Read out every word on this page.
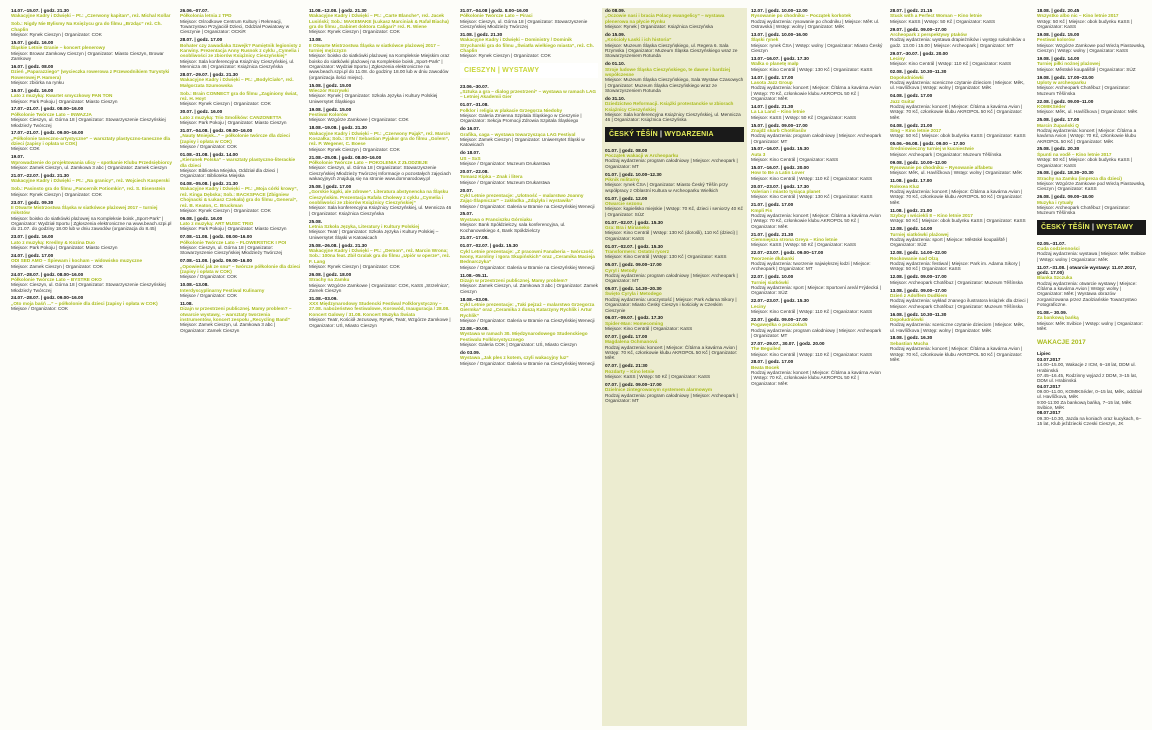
14.07.–15.07. | godz. 21.30
Wakacyjne Kadry i Dźwięki – Pt.: „Czerwony kapitan”, reż. Michal Kollar
Sob.: Nigdy Nie Bylismy Na Księżycu gra do filmu „Brzdąc” reż. Ch. Chaplin
Miejsce: Rynek Cieszyn | Organizator: COK
15.07. | godz. 16.00
Śląskie Letnie Granie – koncert plenerowy
Miejsce: Browar Zamkowy Cieszyn | Organizator: Miasto Cieszyn, Browar Zamkowy
16.07. | godz. 08.00
Dzień „Paparazziego” (wycieczka rowerowa z Przewodnikiem Turystyki Rowerowej P. Hamera)
Miejsce: zbiórka na rynku
16.07. | godz. 16.00
Lato z muzyką: Kwartet smyczkowy PAN TON
Miejsce: Park Pokoju | Organizator: Miasto Cieszyn
17.07.–21.07. | godz. 08.00–16.00
Półkolonie Twórcze Lato – INWAZJA
Miejsce: Cieszyn, ul. Górna 18 | Organizator: Stowarzyszenie Cieszyńskiej Młodzieży Twórczej
17.07.–21.07. | godz. 09.00–16.00
„Półkolonie taneczno-artystyczne” – warsztaty plastyczno-taneczne dla dzieci (zapisy i opłata w COK)
Miejsce: COK
19.07.
Wprowadzenie do projektowania ulicy – spotkanie Klubu Przedsiębiorcy
Miejsce: Zamek Cieszyn, ul. Zamkowa 3 abc | Organizator: Zamek Cieszyn
21.07.–22.07. | godz. 21.30
Wakacyjne Kadry i Dźwięki – Pt.: „Na granicy”, reż. Wojciech Kasperski
Sob.: Pasinsto gra do filmu „Pancernik Potiomkin”, reż. S. Eisenstein
Miejsce: Rynek Cieszyn | Organizator: COK
23.07. | godz. 09.30
II Otwarte Mistrzostwa Śląska w siatkówce plażowej 2017 – turniej mikstów
Miejsce: boisko do siatkówki plażowej na Kompleksie boisk „Sport-Park” | Organizator: Wydział Sportu | Zgłoszenia elektroniczne na www.beach.szpi.pl do 21.07. do godziny 18.00 lub w dniu zawodów (organizacja do 8.45)
23.07. | godz. 16.00
Lato z muzyką: Kreślny & Kozina Duo
Miejsce: Park Pokoju | Organizator: Miasto Cieszyn
24.07. | godz. 17.00
ODI SED AMO – Śpiewam i kocham – widowisko muzyczne
Miejsce: Zamek Cieszyn | Organizator: COK
24.07.–28.07. | godz. 08.00–16.00
Półkolonie Twórcze Lato – BYSTRE OKO
Miejsce: Cieszyn, ul. Górna 18 | Organizator: Stowarzyszenie Cieszyńskiej Młodzieży Twórczej
24.07.–28.07. | godz. 09.00–16.00
„Oto moja baśń ...” – półkolonie dla dzieci (zapisy i opłata w COK)
Miejsce / Organizator: COK
26.06.–07.07.
Półkolonia letnia z TPD
Miejsce: Ośrodkowe Centrum Kultury i Rekreacji, Towarzystwo Przyjaciół Dzieci, Oddział Powiatowy w Cieszynie | Organizator: OCKiR
28.07. | godz. 17.00
Bohater czy zawadiaka Szwejk? Pamiętnik legionisty z Karwiny. Prezentacja Anny Rusnok z cyklu „Cymelia i osobliwości ze zbiorów Książnicy Cieszyńskiej”
Miejsce: Sala konferencyjna Książnicy Cieszyńskiej, ul. Mennicza 46 | Organizator: Książnica Cieszyńska
28.07.–29.07. | godz. 21.30
Wakacyjne Kadry i Dźwięki – Pt.: „Body/Ciało”, reż. Małgorzata Szumowska
Sob.: Brain CONNECT gra do filmu „Zaginiony świat, reż. H. Hoyt
Miejsce: Rynek Cieszyn | Organizator: COK
30.07. | godz. 16.00
Lato z muzyką: Trio Smolików: CANZONETTA
Miejsce: Park Pokoju | Organizator: Miasto Cieszyn
31.07.–04.08. | godz. 09.00–16.00
„Nauty Mniejsk...” – półkolonie twórcze dla dzieci (zapisy i opłata w COK)
Miejsce / Organizator: COK
01.08.–31.08. | godz. 14.00
„Kierunek Polska” – warsztaty plastyczno-literackie dla dzieci
Miejsce: Biblioteka Miejska, Oddział dla dzieci | Organizator: Biblioteka Miejska
04.08.–05.08. | godz. 21.30
Wakacyjne Kadry i Dźwięki – Pt.: „Moja córki krowy”, reż. Kinga Dębska; Sob.: BACKSPACE (Zbigniew Chojnacki & Łukasz Czekała) gra do filmu „General”, reż. B. Keaton, C. Bruckman
Miejsce: Rynek Cieszyn | Organizator: COK
06.08. | godz. 16.00
Lato z muzyką: ART MUSIC TRIO
Miejsce: Park Pokoju | Organizator: Miasto Cieszyn
07.08.–11.08. | godz. 08.00–16.00
Półkolonie Twórcze Lato – FLOWERSTICK I POI
Miejsce: Cieszyn, ul. Górna 18 | Organizator: Stowarzyszenie Cieszyńskiej Młodzieży Twórczej
07.08.–11.08. | godz. 09.00–16.00
„Opowieść jak ze snu” – twórcze półkolonie dla dzieci (zapisy i opłata w COK)
Miejsce / Organizator: COK
10.08.–13.08.
Interdyscyplinarny Festiwal Kulinarny
Miejsce / Organizator: COK
11.08.
Dizajn w przestrzeni publicznej. Mamy problem? – otwarcie wystawy, – warsztaty tworzenia instrumentów, koncert zespołu „Recycling Band”
Miejsce: Zamek Cieszyn, ul. Zamkowa 3 abc | Organizator: Zamek Cieszyn
11.08.–12.08. | godz. 21.30
Wakacyjne Kadry i Dźwięki – Pt.: „Carte Blanche”, reż. Jacek Lusiński; Sob.: MAKEMAKE (Łukasz Marciniak & Rafał Biacha) gra do filmu „Gabinet doktora Caligari” reż. R. Wiene
Miejsce: Rynek Cieszyn | Organizator: COK
13.08.
II Otwarte Mistrzostwa Śląska w siatkówce plażowej 2017 – turniej mężczyzn
Miejsce: boisko do siatkówki plażowej na Kompleksie Miejskim oraz boisko do siatkówki plażowej na Kompleksie boisk „Sport-Park” | Organizator: Wydział Sportu | Zgłoszenia elektroniczne na www.beach.szpi.pl do 11.08. do godziny 18.00 lub w dniu zawodów (organizacja ilości miejsc).
15.08. | godz. 15.00
Wieczór Rozrywki
Miejsce: Rynek | Organizator: Szkoła Języka i Kultury Polskiej Uniwersytet Śląskiego
19.08. | godz. 15.00
Festiwal Kolorów
Miejsce: Wzgórze Zamkowe | Organizator: COK
18.08.–19.08. | godz. 21.30
Wakacyjne Kadry i Dźwięki – Pt.: „Czerwony Pająk”, reż. Marcin Koszałka; Sob.: SYN / Sebastian Pyjakor gra do filmu „Golem”, reż. P. Wegener, C. Boese
Miejsce: Rynek Cieszyn | Organizator: COK
21.08.–25.08. | godz. 08.00–16.00
Półkolonie Twórcze Lato – POKOLENIA Z ZŁODZIEJE
Miejsce: Cieszyn, ul. Górna 18 | Organizator: Stowarzyszenie Cieszyńskiej Młodzieży Twórczej Informacje o pozostałych zajęciach wakacyjnych znajdują się na stronie www.domnarodowy.pl
25.08. | godz. 17.00
„Gorskie kąpki, ale zdrowe”. Literatura abstynencka na Śląsku Cieszyńskim. Prezentacja Rafała Cholewy z cyklu „Cymelia i osobliwości ze zbiorów Książnicy Cieszyńskiej”
Miejsce: Sala konferencyjna Książnicy Cieszyńskiej, ul. Mennicza 46 | Organizator: Książnica Cieszyńska
25.08.
Letnia Szkoła Języka, Literatury i Kultury Polskiej
Miejsce: Teatr | Organizator: Szkoła Języka i Kultury Polskiej – Uniwersytet Śląski w Katowicach
25.08.–26.08. | godz. 21.30
Wakacyjne Kadry i Dźwięki – Pt.: „Demon”, reż. Marcin Wrona; Sob.: 100na feat. Zbił Gralak gra do filmu „Upiór w operze”, reż. F. Lang
Miejsce: Rynek Cieszyn | Organizator: COK
26.08. | godz. 18.00
Strachy na Zamku
Miejsce: Wzgórze Zamkowe | Organizator: COK, KaSS „Strzelnica”, Zamek Cieszyn
31.08.–03.09.
XXX Międzynarodowy Studencki Festiwal Folklorystyczny – 27.08. nabożeństwo festiwalowe, Korowód, Inauguracja / 28.08. Koncert Galowy / 31.08. Koncert Muzyka Świata
Miejsce: Teatr, Kościół Jezusowy, Rynek, Teatr, Wzgórze Zamkowe | Organizator: UŚ, Miasto Cieszyn
31.07.–04.08 | godz. 8.00–16.00
Półkolonie Twórcze Lato – Piraci
Miejsce: Cieszyn, ul. Górna 18 | Organizator: Stowarzyszenie Cieszyńskiej Młodzieży Twórczej
31.08. | godz. 21.30
Wakacyjne Kadry i Dźwięki – Doministry / Dominik Strycharski gra do filmu „Światła wielkiego miasta”, reż. Ch. Chaplin
Miejsce: Rynek Cieszyn | Organizator: COK
CIESZYN | WYSTAWY
23.06.–30.07.
„Sztuka a gra – dialog przestrzeni” – wystawa w ramach LAG – Letniej Akademii Gier
01.07.–31.08.
Folklor i religia w plakacie Grzegorza Niedoby
Miejsce: Galeria Zmienna Szpitala Śląskiego w Cieszynie | Organizator: Sekcja Promocji Zdrowia Szpitala Śląskiego
do 16.07.
Grafika, caga – wystawa towarzysząca LAG Festival
Miejsce: Zamek Cieszyn | Organizator: Uniwersytet Śląski w Katowicach
do 18.07.
US – SxS
Miejsce / Organizator: Muzeum Drukarstwa
20.07.–22.08.
Tomasz Kipka – Znak i litera
Miejsce / Organizator: Muzeum Drukarstwa
20.07.
Cykl Letnie prezentacje: „Ulotność – malarstwo Joanny Zając-Ślapniczar” – zakładka „Zdążyła i wystawiła”
Miejsce / Organizator: Galeria w Bramie na Cieszyńskiej Wenecji
25.07.
Wystawa o Franciszku Górniaku
Miejsce: Bank Spółdzielczy, sala konferencyjna, ul. Kochanowskiego 4, Bank Spółdzielczy
21.07.–17.08.
01.07.–02.07. | godz. 15.30
Cykl Letnie prezentacje: „Z pracowni Fanaberia – twórczość Iwony, Karoliny i Igora Skupińskich” oraz „Ceramika Macieja Bednarczyka”
Miejsce / Organizator: Galeria w Bramie na Cieszyńskiej Wenecji
11.08.–05.11.
Dizajn w przestrzeni publicznej. Mamy problem?
Miejsce: Zamek Cieszyn, ul. Zamkowa 3 abc | Organizator: Zamek Cieszyn
18.08.–03.09.
Cykl Letnie prezentacje: „Taki pejzaż – malarstwo Grzegorza Giermka” oraz „Ceramika z duszą Katarzyny Rychlik i Artur Rychlik”
Miejsce / Organizator: Galeria w Bramie na Cieszyńskiej Wenecji
22.08.–30.08.
Wystawa w ramach 30. Międzynarodowego Studenckiego Festiwalu Folklorystycznego
Miejsce: Galeria COK | Organizator: UŚ, Miasto Cieszyn
do 03.09.
Wystawa „Jak ples z kotem, czyli wakacyjny luz”
Miejsce / Organizator: Galeria w Bramie na Cieszyńskiej Wenecji
do 08.09.
„Oczowie nasi i bracia Polacy ewangelicy” – wystawa plenerowa na płycie Rynku
Miejsce: Rynek | Organizator: Książnica Cieszyńska
do 15.09.
„Kościoły Łaski i ich historia”
Miejsce: Muzeum Śląska Cieszyńskiego, ul. Regera 6. Sala Rzymska | Organizator: Muzeum Śląska Cieszyńskiego wraz ze Stowarzyszeniem Rotunda
do 01.10.
Stroje ludowe Śląska Cieszyńskiego, te dawne i bardziej współczesne
Miejsce: Muzeum Śląska Cieszyńskiego, Sala Wystaw Czasowych | Organizator: Muzeum Śląska Cieszyńskiego wraz ze Stowarzyszeniem Rotunda
do 31.10.
Dziedzictwo Reformacji. Książki protestanckie w zbiorach Książnicy Cieszyńskiej
Miejsce: Sala konferencyjna Książnicy Cieszyńskiej, ul. Mennicza 46 | Organizator: Książnica Cieszyńska
ČESKÝ TĚŠÍN | WYDARZENIA
01.07. | godz. 08.00
Początek wakacji w Archeoparku
Rodzaj wydarzenia: program całodniowy | Miejsce: Archeopark | Organizator: MT
01.07. | godz. 10.00–12.30
Piknik militarny
Miejsce: rynek ČSA | Organizator: Miasto Český Těšín przy współpracy z Oblastní Kultura w Archeoparku Wielkich
01.07. | godz. 12.00
Otwarcie sezonu
Miejsce: kąpielisko miejskie | Wstęp: 70 Kč, dzieci i seniorzy 40 Kč | Organizator: SÚZ
01.07.–02.07. | godz. 15.30
Gra: Bra i Mirianeko
Miejsce: Kino Centrál | Wstęp: 130 Kč (dorośli), 110 Kč (dzieci) | Organizator: KaSS
01.07.–02.07. | godz. 15.30
Transformers: Ostatni rycerz
Miejsce: Kino Centrál | Wstęp: 130 Kč | Organizator: KaSS
05.07. | godz. 09.00–17.00
Cyryl i Metody
Rodzaj wydarzenia: program całodniowy | Miejsce: Archeopark | Organizator: MT
05.07. | godz. 14.30–20.30
Święto Cyryla i Metodego
Rodzaj wydarzenia: uroczystość | Miejsce: Park Adama Sikory | Organizator: Miasto Český Cieszyn i kościoły w Czeskim Cieszynie
06.07.–09.07. | godz. 17.30
Spider-Man: Homecoming
Miejsce: Kino Centrál | Organizator: KaSS
07.07. | godz. 17.00
Magdalena Ochmanová
Rodzaj wydarzenia: koncert | Miejsce: Čítárna a kavárna Avion | Wstęp: 70 Kč, członkowie klubu AKROPOL 50 Kč | Organizator: MěK
07.07. | godz. 21:30
Rozdarty – Kino letnie
Miejsce: KaSS | Wstęp: 50 Kč | Organizator: KaSS
07.07. | godz. 09.00–17.00
Dzielnice zintegrowanym systemem alarmowym
Rodzaj wydarzenia: program całodniowy | Miejsce: Archeopark | Organizator: MT
12.07. | godz. 10.00–12.00
Rysowanie po chodniku – Początek korkotek
Rodzaj wydarzenia: rysowanie po chodniku | Miejsce: MěK ul. Ostravská | Wstęp: wolny | Organizator: MěK
13.07. | godz. 10.00–16.00
Śląski rynek
Miejsce: rynek ČSA | Wstęp: wolny | Organizator: Miasto Český Cieszyn
13.07.–16.07. | godz. 17.30
Walka o planetę małp
Miejsce: Kino Centrál | Wstęp: 130 Kč | Organizator: KaSS
14.07. | godz. 17.00
Lasota Jazz Group
Rodzaj wydarzenia: koncert | Miejsce: Čítárna a kavárna Avion | Wstęp: 70 Kč, członkowie klubu AKROPOL 50 Kč | Organizator: MěK
14.07. | godz. 21.30
La La Land – Kino letnie
Miejsce: KaSS | Wstęp: 50 Kč | Organizator: KaSS
15.07. | godz. 09.00–17.00
Znajdź skarb Chotělasův
Rodzaj wydarzenia: program całodniowy | Miejsce: Archeopark | Organizator: MT
15.07.–16.07. | godz. 15.30
Auta 3
Miejsce: Kino Centrál | Organizator: KaSS
15.07.–16.07. | godz. 20.00
How to Be a Latin Lover
Miejsce: Kino Centrál | Wstęp: 110 Kč | Organizator: KaSS
20.07.–23.07. | godz. 17.30
Valerian i miasto tysiąca planet
Miejsce: Kino Centrál | Wstęp: 130 Kč | Organizator: KaSS
21.07. | godz. 17.00
Kmpli Fis
Rodzaj wydarzenia: koncert | Miejsce: Čítárna a kavárna Avion | Wstęp: 70 Kč, członkowie klubu AKROPOL 50 Kč | Organizator: MěK
21.07. | godz. 21.30
Ciemniejsza strona Greya – Kino letnie
Miejsce: KaSS | Wstęp: 50 Kč | Organizator: KaSS
22.07.–23.07. | godz. 09.00–17.00
Tworzenie dłubanki
Rodzaj wydarzenia: tworzenie największej łodzi | Miejsce: Archeopark | Organizator: MT
22.07. | godz. 10.00
Turniej siatkówki
Rodzaj wydarzenia: sport | Miejsce: Sportovní areál Frýdecká | Organizator: SÚZ
22.07.–23.07. | godz. 15.30
Leciny
Miejsce: Kino Centrál | Wstęp: 110 Kč | Organizator: KaSS
22.07. | godz. 09.00–17.00
Pogawędka o pszczołach
Rodzaj wydarzenia: program całodniowy | Miejsce: Archeopark | Organizator: MT
27.07.–29.07., 30.07. | godz. 20.00
The Beguiled
Miejsce: Kino Centrál | Wstęp: 110 Kč | Organizator: KaSS
28.07. | godz. 17.00
Beata Bocek
Rodzaj wydarzenia: koncert | Miejsce: Čítárna a kavárna Avion | Wstęp: 70 Kč, członkowie klubu AKROPOL 50 Kč | Organizator: MěK
28.07. | godz. 21.15
Stuck with a Perfect Woman – Kino letnie
Miejsce: KaSS | Wstęp: 50 Kč | Organizator: KaSS
29.07. | godz. 09.00–17.00
Archeopark z perspektywy ptaków
Rodzaj wydarzenia: wystawa drapieżników i występ sokolników o godz. 13.00 i 15.00 | Miejsce: Archeopark | Organizator: MT
29.07.–30.07. | godz. 20.00
Leciny
Miejsce: Kino Centrál | Wstęp: 110 Kč | Organizator: KaSS
02.08. | godz. 10.30–11.30
Dopołudniówki
Rodzaj wydarzenia: sceniczne czytanie dzieciom | Miejsce: MěK, ul. Havlíčkova | Wstęp: wolny | Organizator: MěK
04.08. | godz. 17.00
Jazz Guitar
Rodzaj wydarzenia: koncert | Miejsce: Čítárna a kavárna Avion | Wstęp: 70 Kč, członkowie klubu AKROPOL 50 Kč | Organizator: MěK
04.08. | godz. 21.00
Sing – Kino letnie 2017
Wstęp: 50 Kč | Miejsce: obok budynku KaSS | Organizator: KaSS
05.06.–06.08. | godz. 09.00 – 17.00
Średniowieczny turniej w kucniestwie
Miejsce: Archeopark | Organizator: Muzeum Těšínska
09.08. | godz. 10.00–12.00
Rysowanie po chodniku – Rysowanie alfabetu
Miejsce: MěK, ul. Havlíčkova | Wstęp: wolny | Organizator: MěK
11.08. | godz. 17.00
Rolexea Kluz
Rodzaj wydarzenia: koncert | Miejsce: Čítárna a kavárna Avion | Wstęp: 70 Kč, członkowie klubu AKROPOL 50 Kč | Organizator: MěK
11.08. | godz. 21.00
Szybcy i wściekli 8 – Kino letnie 2017
Wstęp: 50 Kč | Miejsce: obok budynku KaSS | Organizator: KaSS
12.08. | godz. 14.00
Turniej siatkówki plażowej
Rodzaj wydarzenia: sport | Miejsce: Městské koupaliště | Organizator: SÚZ
12.08. | godz. 14.00–22.00
Rockowanie nad Olzą
Rodzaj wydarzenia: festiwal | Miejsce: Park im. Adama Sikory | Wstęp: 50 Kč | Organizator: KaSS
12.08. | godz. 09.00–17.00
Miejsce: Archeopark Chotěbuz | Organizator: Muzeum Těšínska
13.08. | godz. 09.00–17.00
Dzień z Adolfem Dudkiem
Rodzaj wydarzenia: wykład znanego ilustratora książek dla dzieci | Miejsce: Archeopark Chotěbuz | Organizator: Muzeum Těšínska
16.08. | godz. 10.30–11.30
Dopołudniówki
Rodzaj wydarzenia: sceniczne czytanie dzieciom | Miejsce: MěK, ul. Havlíčkova | Wstęp: wolny | Organizator: MěK
18.08. | godz. 16.30
Sebastian Mucha
Rodzaj wydarzenia: koncert | Miejsce: Čítárna a kavárna Avion | Wstęp: 70 Kč, członkowie klubu AKROPOL 50 Kč | Organizator: MěK
18.08. | godz. 20.45
Wszystko albo nic – Kino letnie 2017
Wstęp: 50 Kč | Miejsce: obok budynku KaSS | Organizator: KaSS
19.08. | godz. 15.00
Festiwal kolorów
Miejsce: Wzgórze Zamkowe pod Wieżą Piastowską, Cieszyn | Wstęp: wolny | Organizator: KaSS
19.08. | godz. 14.00
Turniej piłki nożnej plażowej
Miejsce: Městské koupaliště | Organizator: SÚZ
19.08. | godz. 17.00–23.00
Uploty w archeoparku
Miejsce: Archeopark Chotěbuz | Organizator: Muzeum Těšínska
22.08. | godz. 09.00–11.00
KOMIKSéder
Miejsce: MěK, ul. Havlíčkova | Organizator: MěK
25.08. | godz. 17.00
Marcin Żupański Q
Rodzaj wydarzenia: koncert | Miejsce: Čítárna a kavárna Avion | Wstęp: 70 Kč, członkowie klubu AKROPOL 50 Kč | Organizator: MěK
25.08. | godz. 20.30
Śpunti na vodě – Kino letnie 2017
Wstęp: 50 Kč | Miejsce: obok budynku KaSS | Organizator: KaSS
26.08. | godz. 18.30–20.30
Strachy na Zamku (impreza dla dzieci)
Miejsce: Wzgórze Zamkowe pod Wieżą Piastowską, Cieszyn | Organizator: KaSS
26.08. | godz. 09.00–18.00
Muzyka i rytuały
Miejsce: Archeopark Chotěbuz | Organizator: Muzeum Těšínska
ČESKÝ TĚŠÍN | WYSTAWY
02.05.–31.07.
Cuda codzienności
Rodzaj wydarzenia: wystawa | Miejsce: MěK Svibice | Wstęp: wolny | Organizator: MěK
11.07.–31.08. | otwarcie wystawy: 11.07.2017, godz. 17.00)
Blanka Szczuka
Rodzaj wydarzenia: otwarcie wystawy | Miejsce: Čítárna a kavárna Avion | Wstęp: wolny | Organizator: MěK | Wystawa obrazów zorganizowana przez Zaolziańskie Towarzystwo Fotograficzne.
01.08.– 30.09.
Za bankową bańką
Miejsce: MěK Svibice | Wstęp: wolny | Organizator: MěK
WAKACJE 2017
Lipiec
03.07.2017
14.00–15.00, Wakacje z ICM, 6–18 lat, DDM ul. Hrabinská
07.45–16.45, Rodzinny wyjazd z DDM, 3–15 lat, DDM ul. Hrabinská
04.07.2017
09.00–11.00, KOMIKSéder, 0–15 lat, MěK, oddział ul. Havlíčkova, MěK
9:00-11:00 Za bankową bańką, 7–15 lat, MěK Svibice, MěK
08.07.2017
09.30–10.30, Jazda na koniach oraz kucykach, 6–15 lat, Klub jeździecki Czeski Cieszyn, JK
